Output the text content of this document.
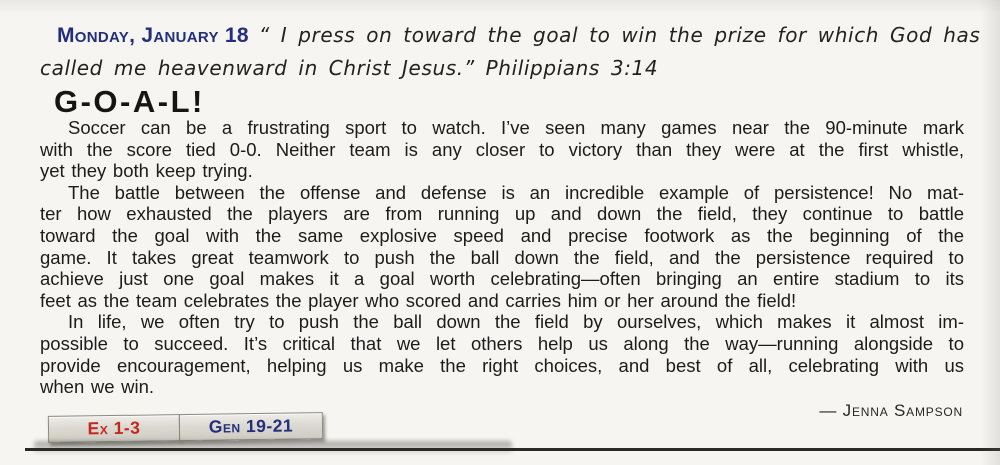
Monday, January 18 “ I press on toward the goal to win the prize for which God has
called me heavenward in Christ Jesus.” Philippians 3:14
G-O-A-L!
Soccer can be a frustrating sport to watch. I’ve seen many games near the 90-minute mark
with the score tied 0-0. Neither team is any closer to victory than they were at the first whistle,
yet they both keep trying.
The battle between the offense and defense is an incredible example of persistence! No mat-
ter how exhausted the players are from running up and down the field, they continue to battle
toward the goal with the same explosive speed and precise footwork as the beginning of the
game. It takes great teamwork to push the ball down the field, and the persistence required to
achieve just one goal makes it a goal worth celebrating—often bringing an entire stadium to its
feet as the team celebrates the player who scored and carries him or her around the field!
In life, we often try to push the ball down the field by ourselves, which makes it almost im-
possible to succeed. It’s critical that we let others help us along the way—running alongside to
provide encouragement, helping us make the right choices, and best of all, celebrating with us
when we win.
— Jenna Sampson
Ex 1-3	Gen 19-21
